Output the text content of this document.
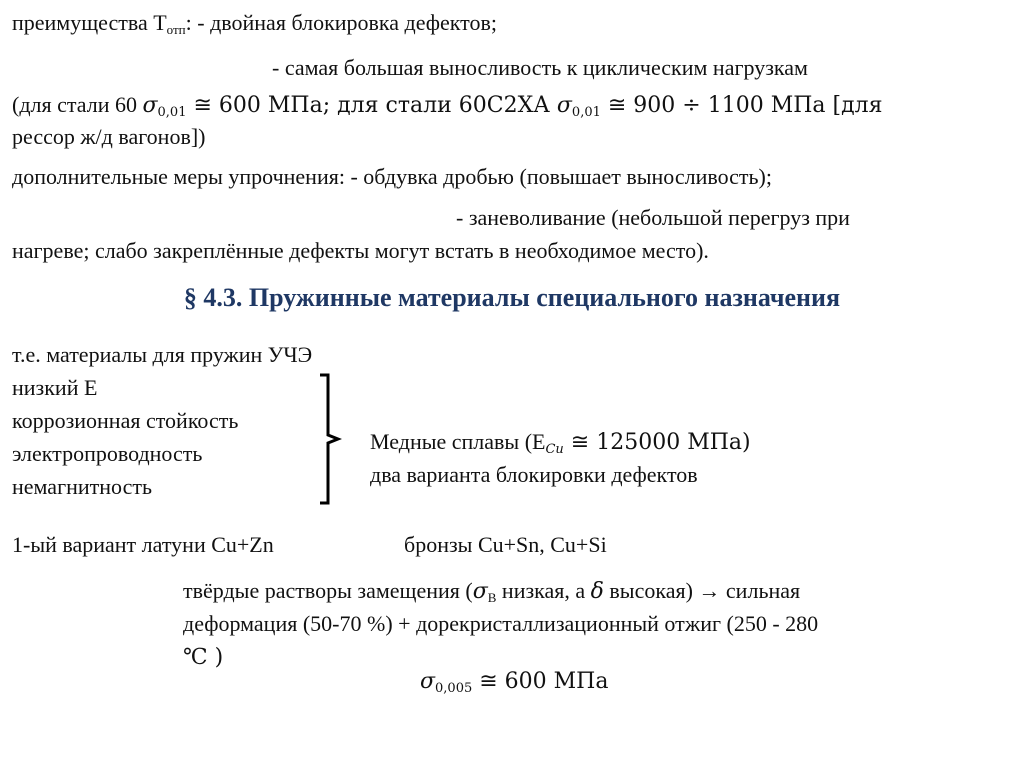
преимущества $Т_{отп}$: - двойная блокировка дефектов;
- самая большая выносливость к циклическим нагрузкам
(для стали 60 $\sigma_{0,01}$ ≅ 600 МПа; для стали 60С2ХА $\sigma_{0,01}$ ≅ 900 ÷ 1100 МПа [для
рессор ж/д вагонов])
дополнительные меры упрочнения: - обдувка дробью (повышает выносливость);
- заневоливание (небольшой перегруз при
нагреве; слабо закреплённые дефекты могут встать в необходимое место).
§ 4.3. Пружинные материалы специального назначения
т.е. материалы для пружин УЧЭ
низкий Е
коррозионная стойкость
электропроводность
немагнитность
Медные сплавы ($Е_{Cu}$ ≅ 125000 МПа)
два варианта блокировки дефектов
1-ый вариант латуни Cu+Zn	бронзы Cu+Sn, Cu+Si
твёрдые растворы замещения ($\sigma_В$ низкая, а δ высокая) → сильная
деформация (50-70 %) + дорекристаллизационный отжиг (250 - 280
℃ )
$\sigma_{0,005}$ ≅ 600 МПа
